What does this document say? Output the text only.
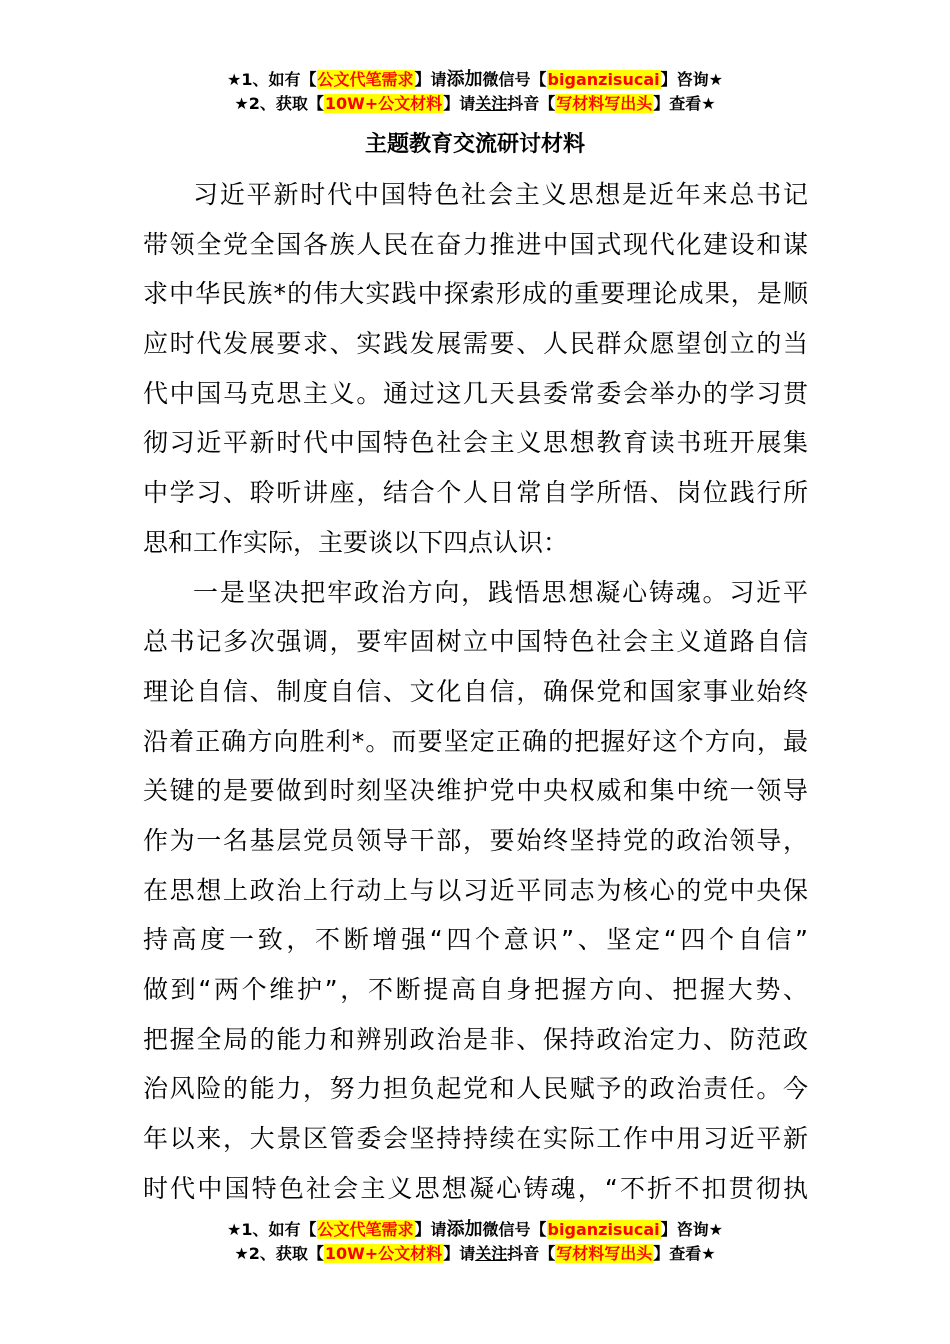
★1、如有【公文代笔需求】请添加微信号【biganzisucai】咨询★
★2、获取【10W+公文材料】请关注抖音【写材料写出头】查看★
主题教育交流研讨材料
习近平新时代中国特色社会主义思想是近年来总书记
带领全党全国各族人民在奋力推进中国式现代化建设和谋
求中华民族*的伟大实践中探索形成的重要理论成果，是顺
应时代发展要求、实践发展需要、人民群众愿望创立的当
代中国马克思主义。通过这几天县委常委会举办的学习贯
彻习近平新时代中国特色社会主义思想教育读书班开展集
中学习、聆听讲座，结合个人日常自学所悟、岗位践行所
思和工作实际，主要谈以下四点认识：
一是坚决把牢政治方向，践悟思想凝心铸魂。习近平
总书记多次强调，要牢固树立中国特色社会主义道路自信
理论自信、制度自信、文化自信，确保党和国家事业始终
沿着正确方向胜利*。而要坚定正确的把握好这个方向，最
关键的是要做到时刻坚决维护党中央权威和集中统一领导
作为一名基层党员领导干部，要始终坚持党的政治领导，
在思想上政治上行动上与以习近平同志为核心的党中央保
持高度一致，不断增强“四个意识”、坚定“四个自信”
做到“两个维护”，不断提高自身把握方向、把握大势、
把握全局的能力和辨别政治是非、保持政治定力、防范政
治风险的能力，努力担负起党和人民赋予的政治责任。今
年以来，大景区管委会坚持持续在实际工作中用习近平新
时代中国特色社会主义思想凝心铸魂，“不折不扣贯彻执
★1、如有【公文代笔需求】请添加微信号【biganzisucai】咨询★
★2、获取【10W+公文材料】请关注抖音【写材料写出头】查看★
